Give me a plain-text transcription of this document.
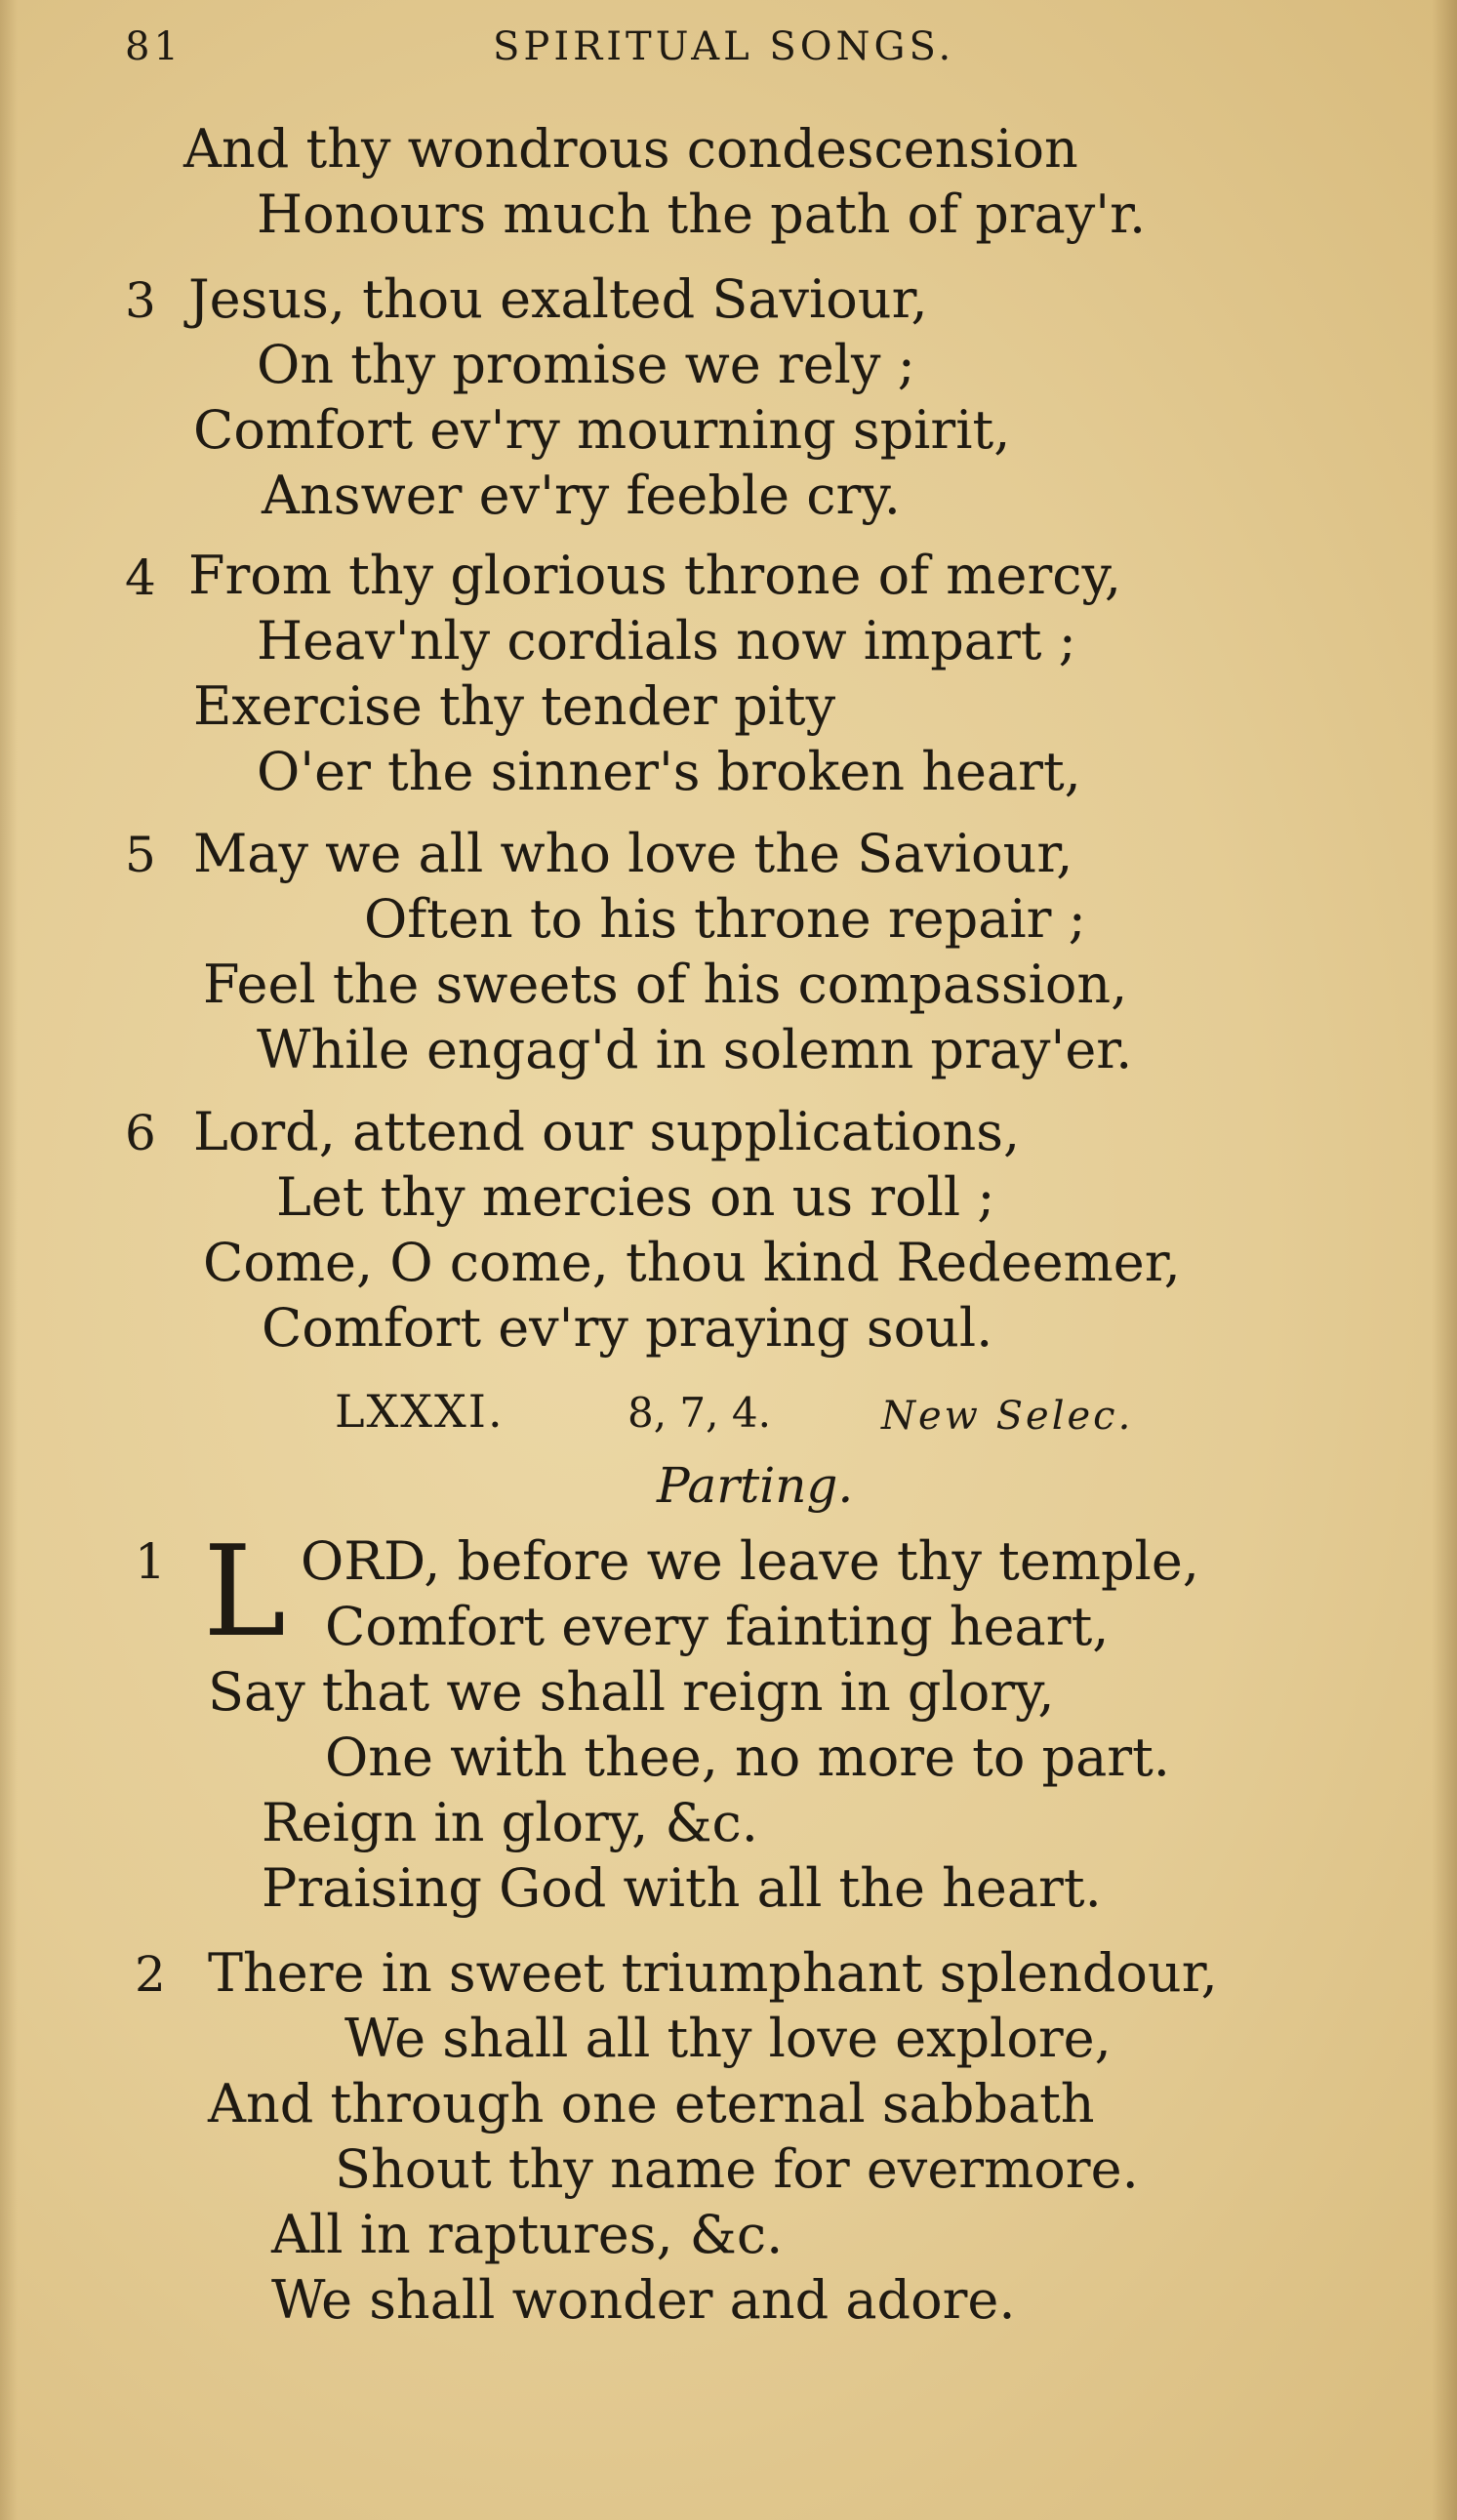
81	SPIRITUAL SONGS.
And thy wondrous condescension
Honours much the path of pray'r.
3 Jesus, thou exalted Saviour,
On thy promise we rely ;
Comfort ev'ry mourning spirit,
Answer ev'ry feeble cry.
4 From thy glorious throne of mercy,
Heav'nly cordials now impart ;
Exercise thy tender pity
O'er the sinner's broken heart,
5 May we all who love the Saviour,
Often to his throne repair ;
Feel the sweets of his compassion,
While engag'd in solemn pray'er.
6 Lord, attend our supplications,
Let thy mercies on us roll ;
Come, O come, thou kind Redeemer,
Comfort ev'ry praying soul.
LXXXI.	8, 7, 4.	New Selec.
Parting.
1 L ORD, before we leave thy temple,
Comfort every fainting heart,
Say that we shall reign in glory,
One with thee, no more to part.
Reign in glory, &c.
Praising God with all the heart.
2 There in sweet triumphant splendour,
We shall all thy love explore,
And through one eternal sabbath
Shout thy name for evermore.
All in raptures, &c.
We shall wonder and adore.
